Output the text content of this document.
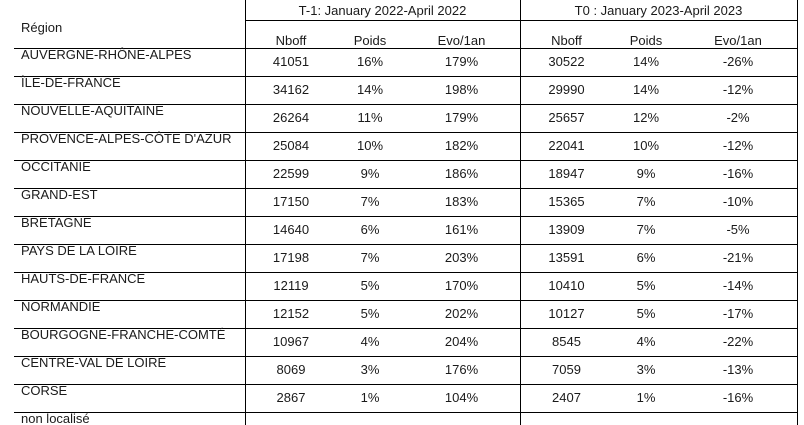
T-1: January 2022-April 2022	T0 : January 2023-April 2023
Région
Nboff	Poids	Evo/1an	Nboff	Poids	Evo/1an
AUVERGNE-RHÔNE-ALPES	41051	16%	179%	30522	14%	-26%
ÎLE-DE-FRANCE	34162	14%	198%	29990	14%	-12%
NOUVELLE-AQUITAINE	26264	11%	179%	25657	12%	-2%
PROVENCE-ALPES-CÔTE D'AZUR	25084	10%	182%	22041	10%	-12%
OCCITANIE	22599	9%	186%	18947	9%	-16%
GRAND-EST	17150	7%	183%	15365	7%	-10%
BRETAGNE	14640	6%	161%	13909	7%	-5%
PAYS DE LA LOIRE	17198	7%	203%	13591	6%	-21%
HAUTS-DE-FRANCE	12119	5%	170%	10410	5%	-14%
NORMANDIE	12152	5%	202%	10127	5%	-17%
BOURGOGNE-FRANCHE-COMTÉ	10967	4%	204%	8545	4%	-22%
CENTRE-VAL DE LOIRE	8069	3%	176%	7059	3%	-13%
CORSE	2867	1%	104%	2407	1%	-16%
non localisé
